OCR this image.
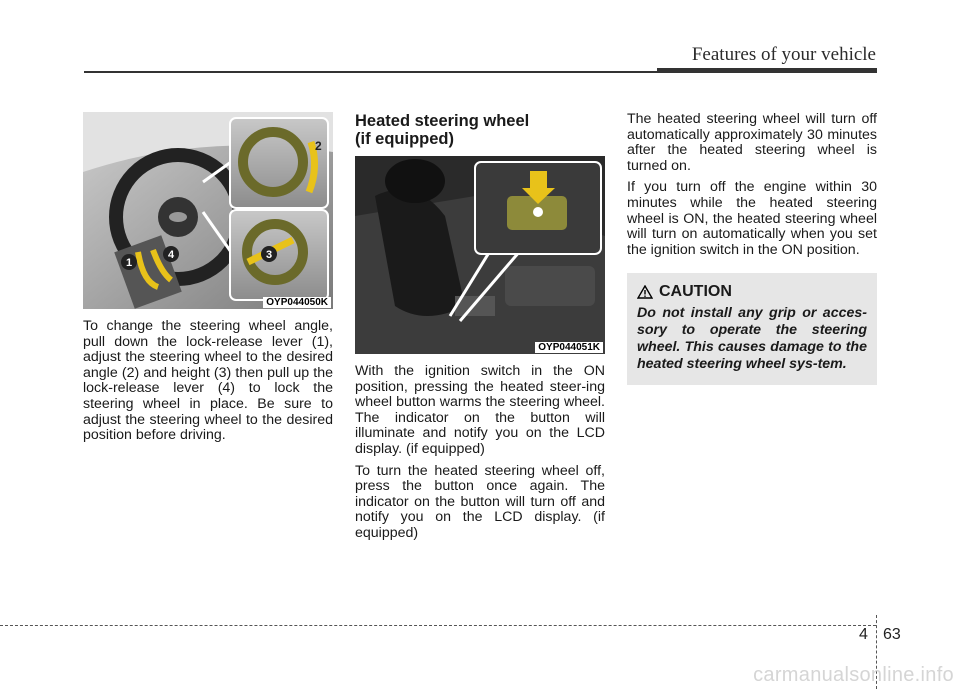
Features of your vehicle
1
4
2
3
OYP044050K

To change the steering wheel angle, pull down the lock-release lever (1), adjust the steering wheel to the desired angle (2) and height (3) then pull up the lock-release lever (4) to lock the steering wheel in place. Be sure to adjust the steering wheel to the desired position before driving.

Heated steering wheel
(if equipped)
OYP044051K

With the ignition switch in the ON position, pressing the heated steer-ing wheel button warms the steering wheel. The indicator on the button will illuminate and notify you on the LCD display. (if equipped)

To turn the heated steering wheel off, press the button once again. The indicator on the button will turn off and notify you on the LCD display. (if equipped)

The heated steering wheel will turn off automatically approximately 30 minutes after the heated steering wheel is turned on.

If you turn off the engine within 30 minutes while the heated steering wheel is ON, the heated steering wheel will turn on automatically when you set the ignition switch in the ON position.

CAUTION

Do not install any grip or acces-sory to operate the steering wheel. This causes damage to the heated steering wheel sys-tem.

4 63
carmanualsonline.info
